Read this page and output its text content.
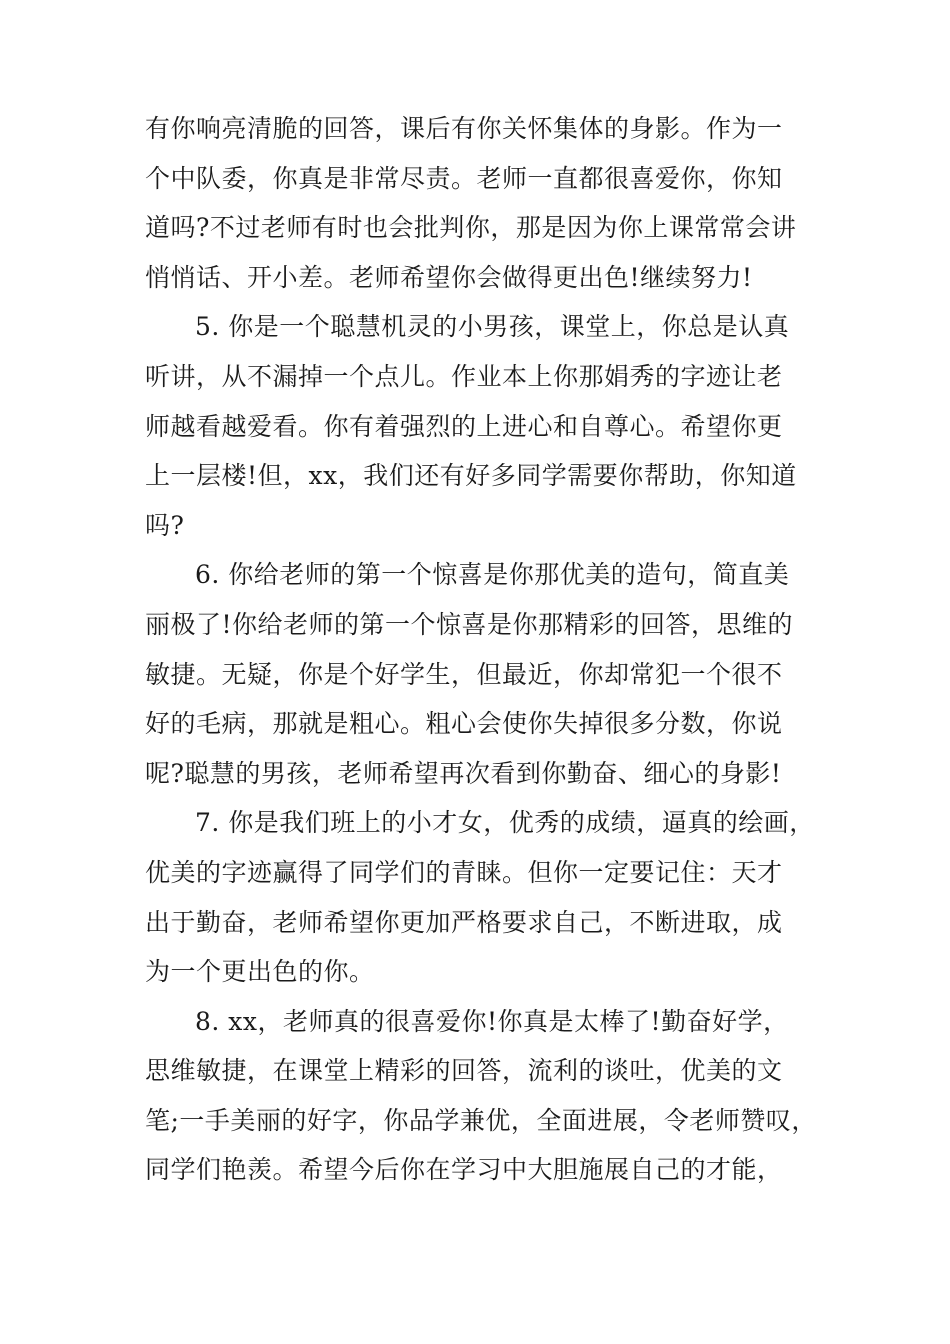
有你响亮清脆的回答，课后有你关怀集体的身影。作为一
个中队委，你真是非常尽责。老师一直都很喜爱你，你知
道吗?不过老师有时也会批判你，那是因为你上课常常会讲
悄悄话、开小差。老师希望你会做得更出色!继续努力!
5. 你是一个聪慧机灵的小男孩，课堂上，你总是认真
听讲，从不漏掉一个点儿。作业本上你那娟秀的字迹让老
师越看越爱看。你有着强烈的上进心和自尊心。希望你更
上一层楼!但，xx，我们还有好多同学需要你帮助，你知道
吗?
6. 你给老师的第一个惊喜是你那优美的造句，简直美
丽极了!你给老师的第一个惊喜是你那精彩的回答，思维的
敏捷。无疑，你是个好学生，但最近，你却常犯一个很不
好的毛病，那就是粗心。粗心会使你失掉很多分数，你说
呢?聪慧的男孩，老师希望再次看到你勤奋、细心的身影!
7. 你是我们班上的小才女，优秀的成绩，逼真的绘画，
优美的字迹赢得了同学们的青睐。但你一定要记住：天才
出于勤奋，老师希望你更加严格要求自己，不断进取，成
为一个更出色的你。
8. xx，老师真的很喜爱你!你真是太棒了!勤奋好学，
思维敏捷，在课堂上精彩的回答，流利的谈吐，优美的文
笔;一手美丽的好字，你品学兼优，全面进展，令老师赞叹，
同学们艳羡。希望今后你在学习中大胆施展自己的才能，
